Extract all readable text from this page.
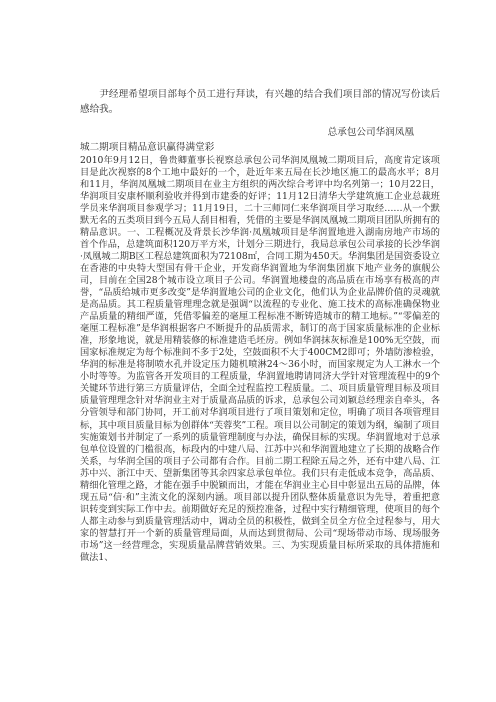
尹经理希望项目部每个员工进行拜读，有兴趣的结合我们项目部的情况写份读后感给我。

总承包公司华润凤凰

城二期项目精品意识赢得满堂彩

2010年9月12日，鲁贵卿董事长视察总承包公司华润凤凰城二期项目后，高度肯定该项目是此次视察的8个工地中最好的一个，赴近年来五局在长沙地区施工的最高水平；8月和11月，华润凤凰城二期项目在业主方组织的两次综合考评中均名列第一；10月22日，华润项目安康杯顺利验收并得到市建委的好评；11月12日清华大学建筑施工企业总裁班学员来华润项目参观学习；11月19日，二十三师同仁来华润项目学习取经……从一个默默无名的五类项目到今五局人刮目相看，凭借的主要是华润凤凰城二期项目团队所拥有的精品意识。一、工程概况及背景长沙华润·凤凰城项目是华润置地进入湖南房地产市场的首个作品，总建筑面积120万平方米，计划分三期进行，我局总承包公司承接的长沙华润·凤凰城二期B区工程总建筑面积为72108㎡，合同工期为450天。华润集团是国资委设立在香港的中央特大型国有骨干企业，开发商华润置地为华润集团旗下地产业务的旗舰公司，目前在全国28个城市设立项目子公司。华润置地楼盘的高品质在市场享有极高的声誉，“品质给城市更多改变”是华润置地公司的企业文化，他们认为企业品牌价值的灵魂就是高品质。其工程质量管理理念就是强调“以流程的专业化、施工技术的高标准确保物业产品质量的精细严谨，凭借零偏差的毫厘工程标准不断铸造城市的精工地标。”“零偏差的毫厘工程标准”是华润根据客户不断提升的品质需求，制订的高于国家质量标准的企业标准，形象地说，就是用精装修的标准建造毛坯房。例如华润抹灰标准是100%无空鼓，而国家标准规定为每个标准间不多于2处，空鼓面积不大于400CM2即可；外墙防渗检验，华润的标准是将制喷水孔并设定压力随机喷淋24～36小时，而国家规定为人工淋水一个小时等等。为监管各开发项目的工程质量，华润置地聘请同济大学针对管理流程中的9个关键环节进行第三方质量评估，全面全过程监控工程质量。二、项目质量管理目标及项目质量管理理念针对华润业主对于质量高品质的诉求，总承包公司刘颖总经理亲自牵头，各分管领导和部门协同，开工前对华润项目进行了项目策划和定位，明确了项目各项管理目标，其中项目质量目标为创群体“芙蓉奖”工程。项目以公司制定的策划为纲，编制了项目实施策划书并制定了一系列的质量管理制度与办法，确保目标的实现。华润置地对于总承包单位设置的门槛很高，标段内的中建八局、江苏中兴和华润置地建立了长期的战略合作关系，与华润全国的项目子公司都有合作。目前二期工程除五局之外，还有中建八局、江苏中兴、浙江中天、望新集团等其余四家总承包单位。我们只有走低成本竞争，高品质、精细化管理之路，才能在强手中脱颖而出，才能在华润业主心目中彰显出五局的品牌，体现五局“信·和”主流文化的深刻内涵。项目部以提升团队整体质量意识为先导，着重把意识转变到实际工作中去。前期做好充足的预控准备，过程中实行精细管理，使项目的每个人都主动参与到质量管理活动中，调动全员的积极性，做到全员全方位全过程参与，用大家的智慧打开一个新的质量管理局面，从而达到贯彻局、公司“现场带动市场、现场服务市场”这一经营理念，实现质量品牌营销效果。三、为实现质量目标所采取的具体措施和做法1、
